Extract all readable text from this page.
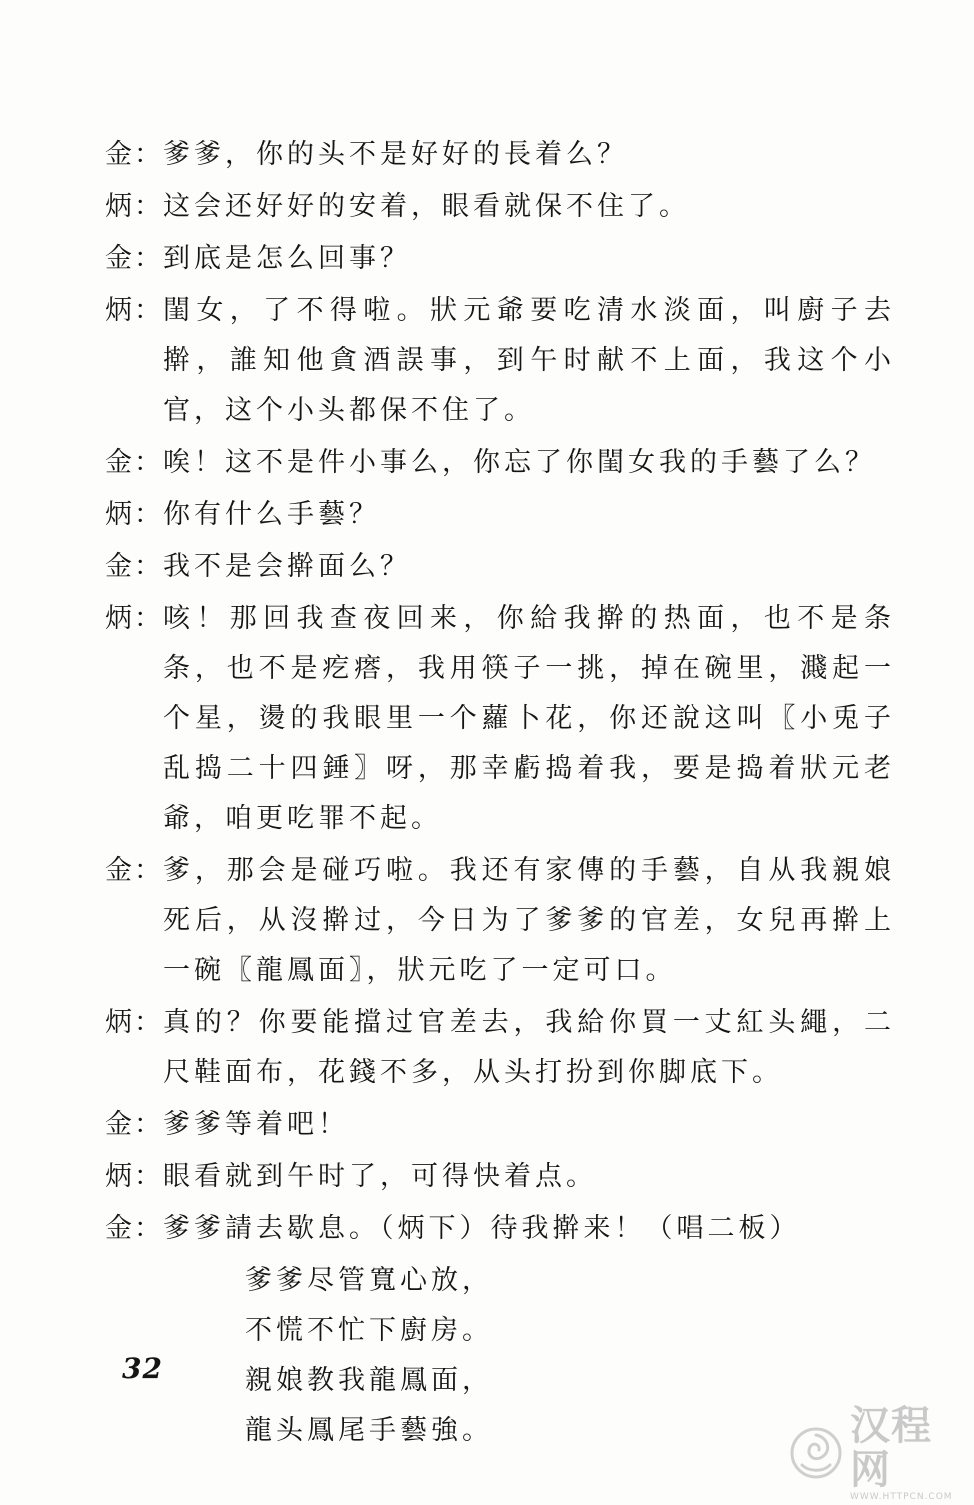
金： 爹爹，你的头不是好好的長着么？
炳： 这会还好好的安着，眼看就保不住了。
金： 到底是怎么回事？
炳： 閨女，了不得啦。狀元爺要吃清水淡面，叫廚子去擀，誰知他貪酒誤事，到午时献不上面，我这个小官，这个小头都保不住了。
金： 唉！这不是件小事么，你忘了你閨女我的手藝了么？
炳： 你有什么手藝？
金： 我不是会擀面么？
炳： 咳！那回我查夜回来，你給我擀的热面，也不是条条，也不是疙瘩，我用筷子一挑，掉在碗里，濺起一个星，燙的我眼里一个蘿卜花，你还說这叫〖小兎子乱捣二十四錘〗呀，那幸虧捣着我，要是捣着狀元老爺，咱更吃罪不起。
金： 爹，那会是碰巧啦。我还有家傳的手藝，自从我親娘死后，从沒擀过，今日为了爹爹的官差，女兒再擀上一碗〖龍鳳面〗，狀元吃了一定可口。
炳： 真的？你要能擋过官差去，我給你買一丈紅头繩，二尺鞋面布，花錢不多，从头打扮到你脚底下。
金： 爹爹等着吧！
炳： 眼看就到午时了，可得快着点。
金： 爹爹請去歇息。（炳下）待我擀来！（唱二板）
爹爹尽管寬心放，
不慌不忙下廚房。
親娘教我龍鳳面，
龍头鳳尾手藝強。
32
汉程网
WWW.HTTPCN.COM
